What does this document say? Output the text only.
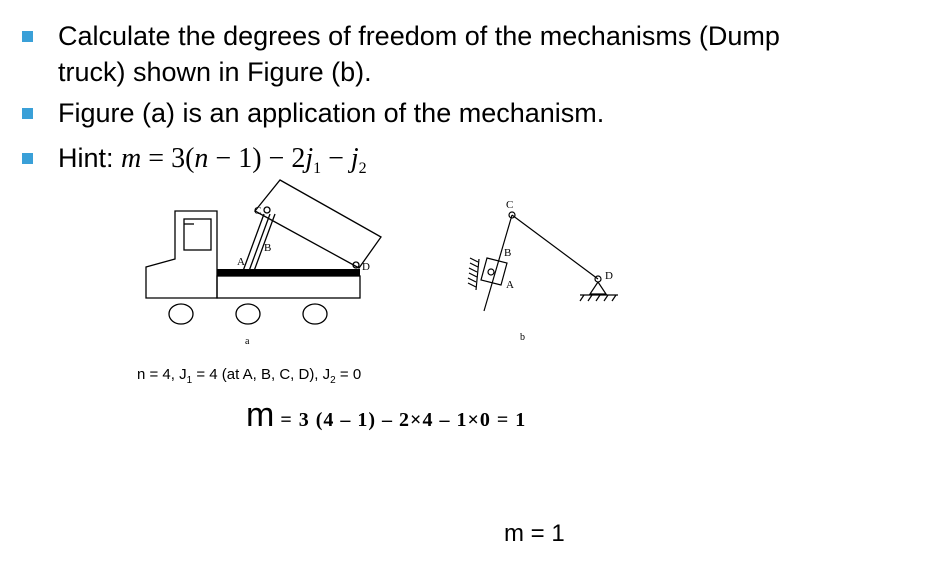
Calculate the degrees of freedom of the mechanisms (Dump
truck) shown in Figure (b).
Figure (a) is an application of the mechanism.
Hint: $m = 3(n - 1) - 2j_1 - j_2$
A
B
C
D
a
A
B
C
D
b
n = 4, $J_1 = 4$ (at A, B, C, D), $J_2 = 0$
m = 3 (4 – 1) – 2×4 – 1×0 = 1
m = 1
